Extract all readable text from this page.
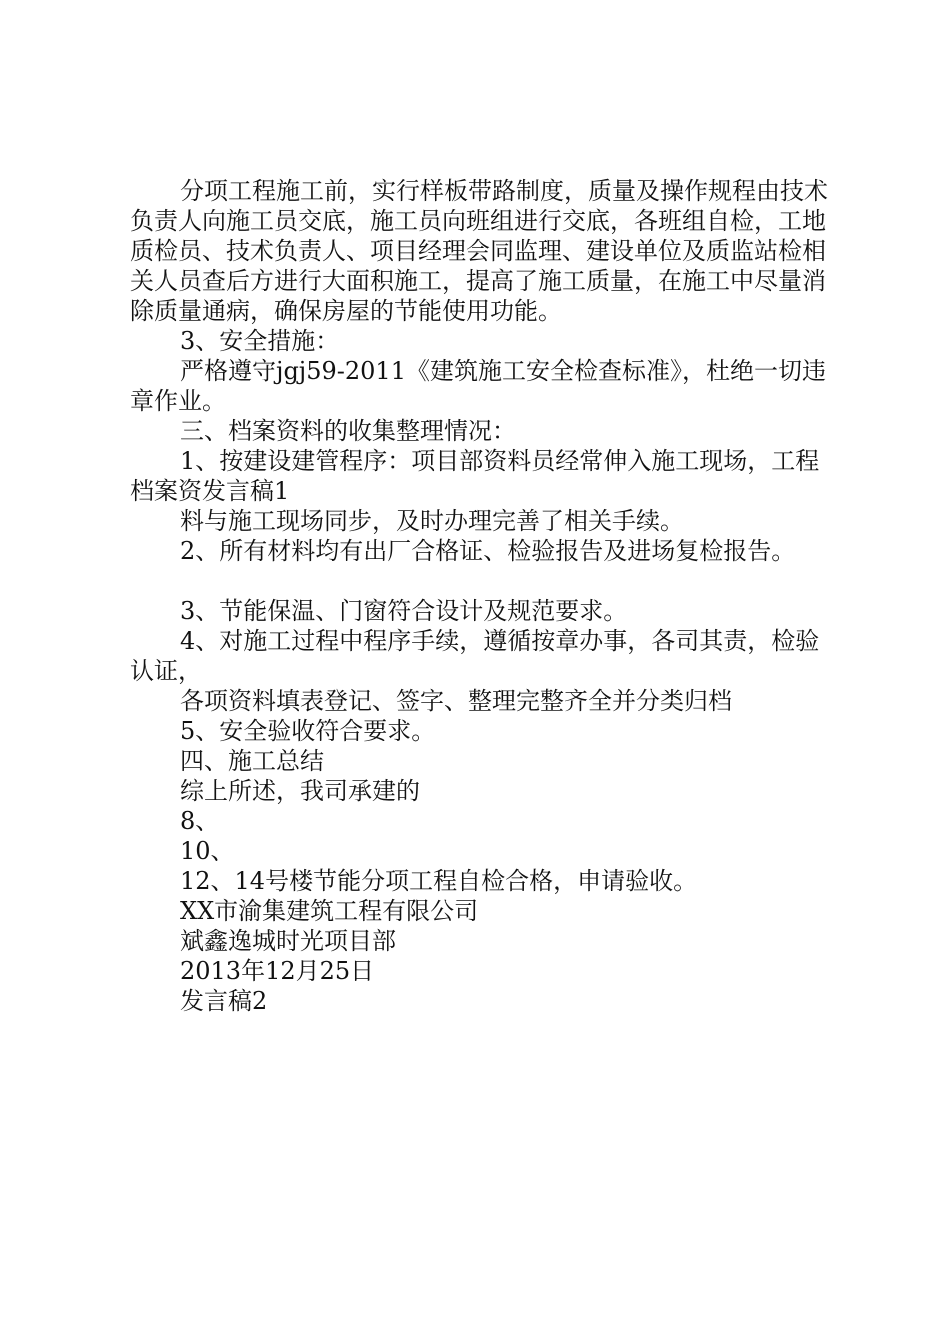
分项工程施工前，实行样板带路制度，质量及操作规程由技术负责人向施工员交底，施工员向班组进行交底，各班组自检，工地质检员、技术负责人、项目经理会同监理、建设单位及质监站检相关人员查后方进行大面积施工，提高了施工质量，在施工中尽量消除质量通病，确保房屋的节能使用功能。

3、安全措施：

严格遵守jgj59-2011《建筑施工安全检查标准》，杜绝一切违章作业。

三、档案资料的收集整理情况：

1、按建设建管程序：项目部资料员经常伸入施工现场，工程档案资发言稿1

料与施工现场同步，及时办理完善了相关手续。

2、所有材料均有出厂合格证、检验报告及进场复检报告。

3、节能保温、门窗符合设计及规范要求。

4、对施工过程中程序手续，遵循按章办事，各司其责，检验认证，

各项资料填表登记、签字、整理完整齐全并分类归档

5、安全验收符合要求。

四、施工总结

综上所述，我司承建的

8、

10、

12、14号楼节能分项工程自检合格，申请验收。

XX市渝集建筑工程有限公司

斌鑫逸城时光项目部

2013年12月25日

发言稿2
